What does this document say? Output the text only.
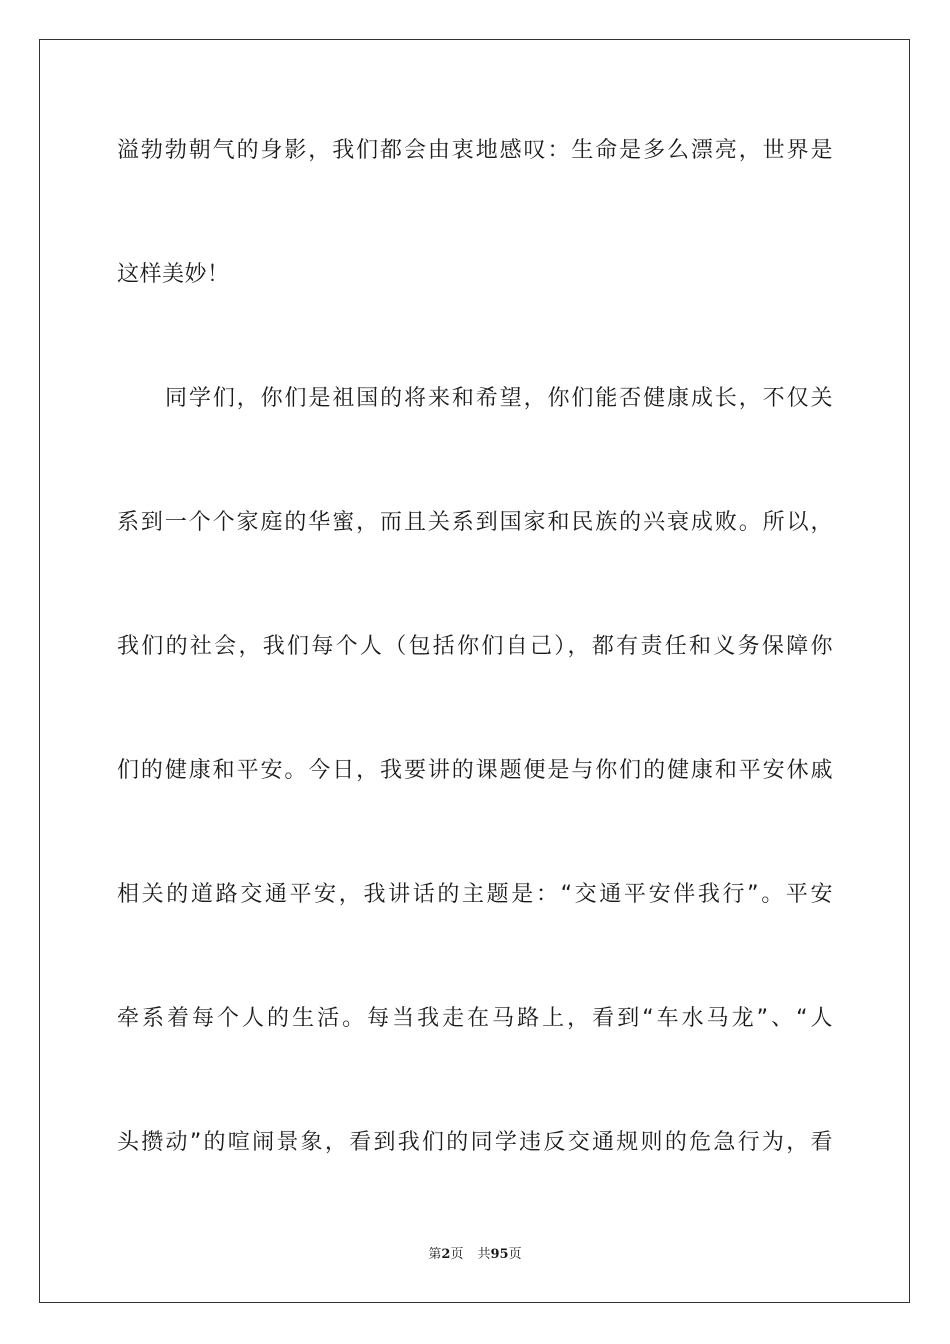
溢勃勃朝气的身影，我们都会由衷地感叹：生命是多么漂亮，世界是
这样美妙！
同学们，你们是祖国的将来和希望，你们能否健康成长，不仅关
系到一个个家庭的华蜜，而且关系到国家和民族的兴衰成败。所以，
我们的社会，我们每个人（包括你们自己），都有责任和义务保障你
们的健康和平安。今日，我要讲的课题便是与你们的健康和平安休戚
相关的道路交通平安，我讲话的主题是：“交通平安伴我行”。平安
牵系着每个人的生活。每当我走在马路上，看到“车水马龙”、“人
头攒动”的喧闹景象，看到我们的同学违反交通规则的危急行为，看
第2页 共95页
